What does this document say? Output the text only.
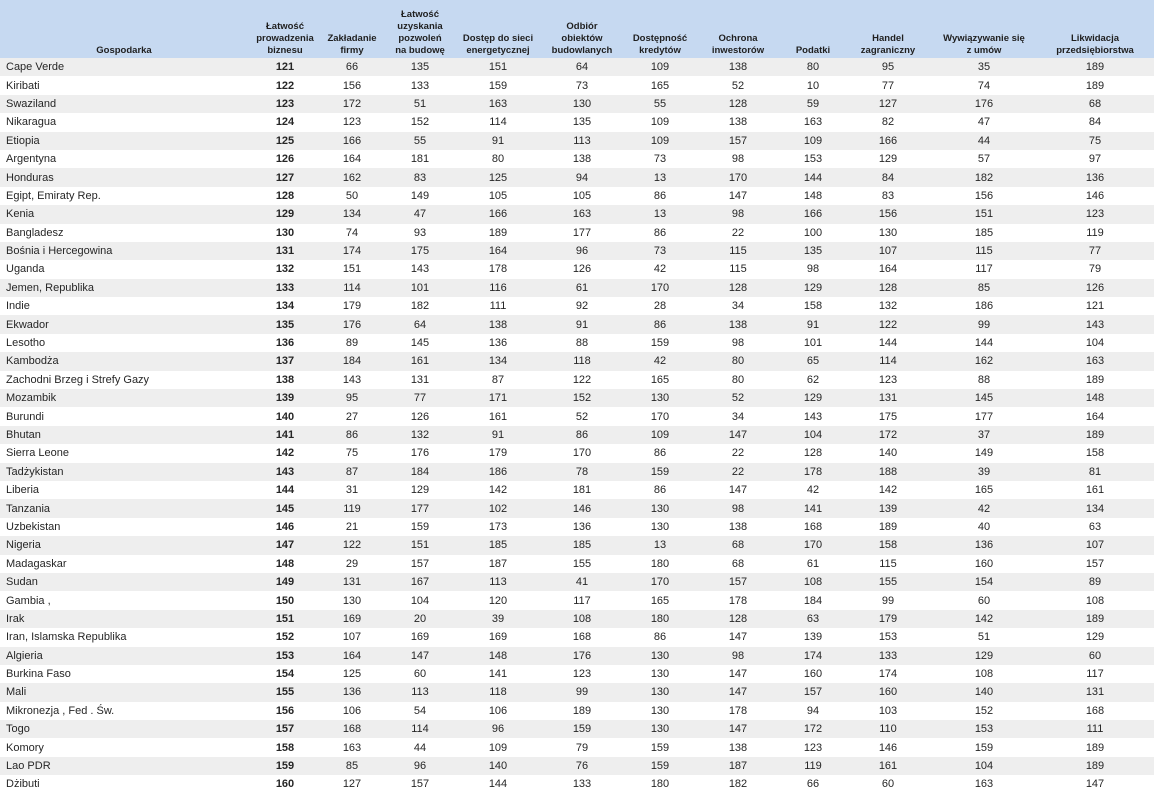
Gospodarka	Łatwość
prowadzenia
biznesu	Zakładanie
firmy	Łatwość
uzyskania
pozwoleń
na budowę	Dostęp do sieci
energetycznej	Odbiór
obiektów
budowlanych	Dostępność
kredytów	Ochrona
inwestorów	Podatki	Handel
zagraniczny	Wywiązywanie się
z umów	Likwidacja
przedsiębiorstwa
Cape Verde	121	66	135	151	64	109	138	80	95	35	189
Kiribati	122	156	133	159	73	165	52	10	77	74	189
Swaziland	123	172	51	163	130	55	128	59	127	176	68
Nikaragua	124	123	152	114	135	109	138	163	82	47	84
Etiopia	125	166	55	91	113	109	157	109	166	44	75
Argentyna	126	164	181	80	138	73	98	153	129	57	97
Honduras	127	162	83	125	94	13	170	144	84	182	136
Egipt, Emiraty Rep.	128	50	149	105	105	86	147	148	83	156	146
Kenia	129	134	47	166	163	13	98	166	156	151	123
Bangladesz	130	74	93	189	177	86	22	100	130	185	119
Bośnia i Hercegowina	131	174	175	164	96	73	115	135	107	115	77
Uganda	132	151	143	178	126	42	115	98	164	117	79
Jemen, Republika	133	114	101	116	61	170	128	129	128	85	126
Indie	134	179	182	111	92	28	34	158	132	186	121
Ekwador	135	176	64	138	91	86	138	91	122	99	143
Lesotho	136	89	145	136	88	159	98	101	144	144	104
Kambodża	137	184	161	134	118	42	80	65	114	162	163
Zachodni Brzeg i Strefy Gazy	138	143	131	87	122	165	80	62	123	88	189
Mozambik	139	95	77	171	152	130	52	129	131	145	148
Burundi	140	27	126	161	52	170	34	143	175	177	164
Bhutan	141	86	132	91	86	109	147	104	172	37	189
Sierra Leone	142	75	176	179	170	86	22	128	140	149	158
Tadżykistan	143	87	184	186	78	159	22	178	188	39	81
Liberia	144	31	129	142	181	86	147	42	142	165	161
Tanzania	145	119	177	102	146	130	98	141	139	42	134
Uzbekistan	146	21	159	173	136	130	138	168	189	40	63
Nigeria	147	122	151	185	185	13	68	170	158	136	107
Madagaskar	148	29	157	187	155	180	68	61	115	160	157
Sudan	149	131	167	113	41	170	157	108	155	154	89
Gambia ,	150	130	104	120	117	165	178	184	99	60	108
Irak	151	169	20	39	108	180	128	63	179	142	189
Iran, Islamska Republika	152	107	169	169	168	86	147	139	153	51	129
Algieria	153	164	147	148	176	130	98	174	133	129	60
Burkina Faso	154	125	60	141	123	130	147	160	174	108	117
Mali	155	136	113	118	99	130	147	157	160	140	131
Mikronezja , Fed . Św.	156	106	54	106	189	130	178	94	103	152	168
Togo	157	168	114	96	159	130	147	172	110	153	111
Komory	158	163	44	109	79	159	138	123	146	159	189
Lao PDR	159	85	96	140	76	159	187	119	161	104	189
Dżibuti	160	127	157	144	133	180	182	66	60	163	147
